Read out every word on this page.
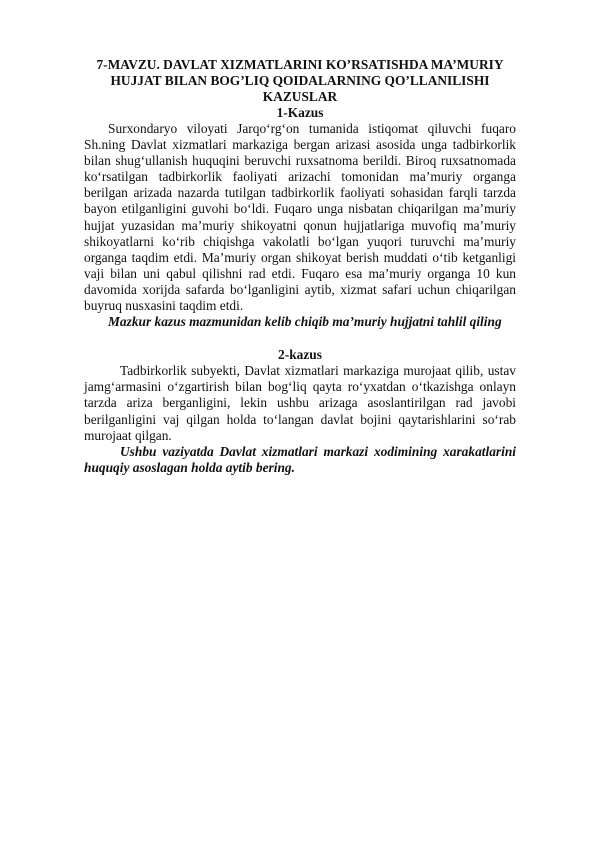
7-MAVZU. DAVLAT XIZMATLARINI KO’RSATISHDA MA’MURIY HUJJAT BILAN BOG’LIQ QOIDALARNING QO’LLANILISHI KAZUSLAR
1-Kazus

Surxondaryo viloyati Jarqo‘rg‘on tumanida istiqomat qiluvchi fuqaro Sh.ning Davlat xizmatlari markaziga bergan arizasi asosida unga tadbirkorlik bilan shug‘ullanish huquqini beruvchi ruxsatnoma berildi. Biroq ruxsatnomada ko‘rsatilgan tadbirkorlik faoliyati arizachi tomonidan ma’muriy organga berilgan arizada nazarda tutilgan tadbirkorlik faoliyati sohasidan farqli tarzda bayon etilganligini guvohi bo‘ldi. Fuqaro unga nisbatan chiqarilgan ma’muriy hujjat yuzasidan ma’muriy shikoyatni qonun hujjatlariga muvofiq ma’muriy shikoyatlarni ko‘rib chiqishga vakolatli bo‘lgan yuqori turuvchi ma’muriy organga taqdim etdi. Ma’muriy organ shikoyat berish muddati o‘tib ketganligi vaji bilan uni qabul qilishni rad etdi. Fuqaro esa ma’muriy organga 10 kun davomida xorijda safarda bo‘lganligini aytib, xizmat safari uchun chiqarilgan buyruq nusxasini taqdim etdi.

Mazkur kazus mazmunidan kelib chiqib ma’muriy hujjatni tahlil qiling

2-kazus

Tadbirkorlik subyekti, Davlat xizmatlari markaziga murojaat qilib, ustav jamg‘armasini o‘zgartirish bilan bog‘liq qayta ro‘yxatdan o‘tkazishga onlayn tarzda ariza berganligini, lekin ushbu arizaga asoslantirilgan rad javobi berilganligini vaj qilgan holda to‘langan davlat bojini qaytarishlarini so‘rab murojaat qilgan.

Ushbu vaziyatda Davlat xizmatlari markazi xodimining xarakatlarini huquqiy asoslagan holda aytib bering.
